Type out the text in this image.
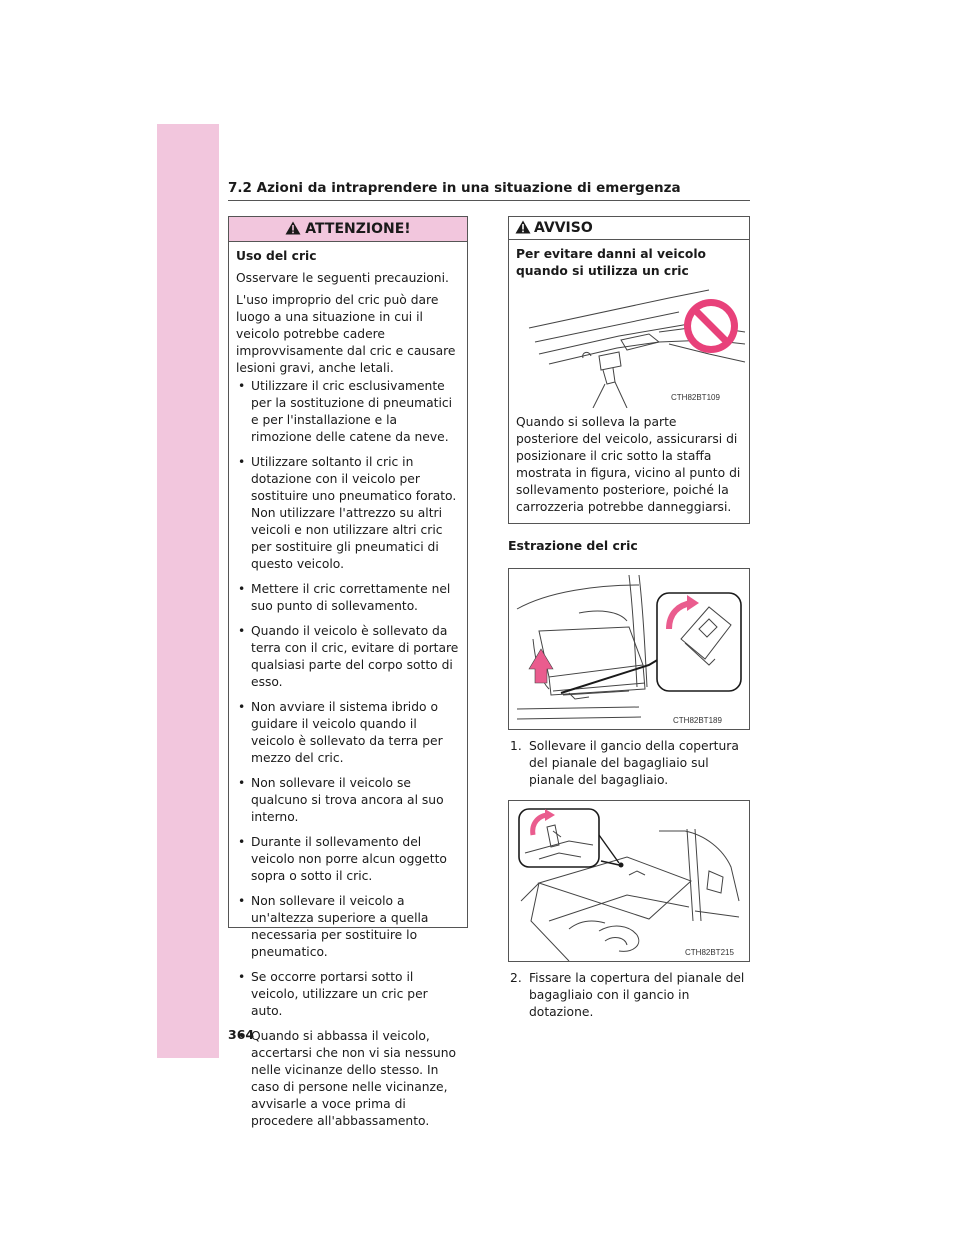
7.2 Azioni da intraprendere in una situazione di emergenza
ATTENZIONE!
Uso del cric

Osservare le seguenti precauzioni.

L'uso improprio del cric può dare luogo a una situazione in cui il veicolo potrebbe cadere improvvisamente dal cric e causare lesioni gravi, anche letali.

• Utilizzare il cric esclusivamente per la sostituzione di pneumatici e per l'installazione e la rimozione delle catene da neve.
• Utilizzare soltanto il cric in dotazione con il veicolo per sostituire uno pneumatico forato. Non utilizzare l'attrezzo su altri veicoli e non utilizzare altri cric per sostituire gli pneumatici di questo veicolo.
• Mettere il cric correttamente nel suo punto di sollevamento.
• Quando il veicolo è sollevato da terra con il cric, evitare di portare qualsiasi parte del corpo sotto di esso.
• Non avviare il sistema ibrido o guidare il veicolo quando il veicolo è sollevato da terra per mezzo del cric.
• Non sollevare il veicolo se qualcuno si trova ancora al suo interno.
• Durante il sollevamento del veicolo non porre alcun oggetto sopra o sotto il cric.
• Non sollevare il veicolo a un'altezza superiore a quella necessaria per sostituire lo pneumatico.
• Se occorre portarsi sotto il veicolo, utilizzare un cric per auto.
• Quando si abbassa il veicolo, accertarsi che non vi sia nessuno nelle vicinanze dello stesso. In caso di persone nelle vicinanze, avvisarle a voce prima di procedere all'abbassamento.
AVVISO
Per evitare danni al veicolo quando si utilizza un cric
CTH82BT109

Quando si solleva la parte posteriore del veicolo, assicurarsi di posizionare il cric sotto la staffa mostrata in figura, vicino al punto di sollevamento posteriore, poiché la carrozzeria potrebbe danneggiarsi.

Estrazione del cric
CTH82BT189
1. Sollevare il gancio della copertura del pianale del bagagliaio sul pianale del bagagliaio.
CTH82BT215
2. Fissare la copertura del pianale del bagagliaio con il gancio in dotazione.
364
